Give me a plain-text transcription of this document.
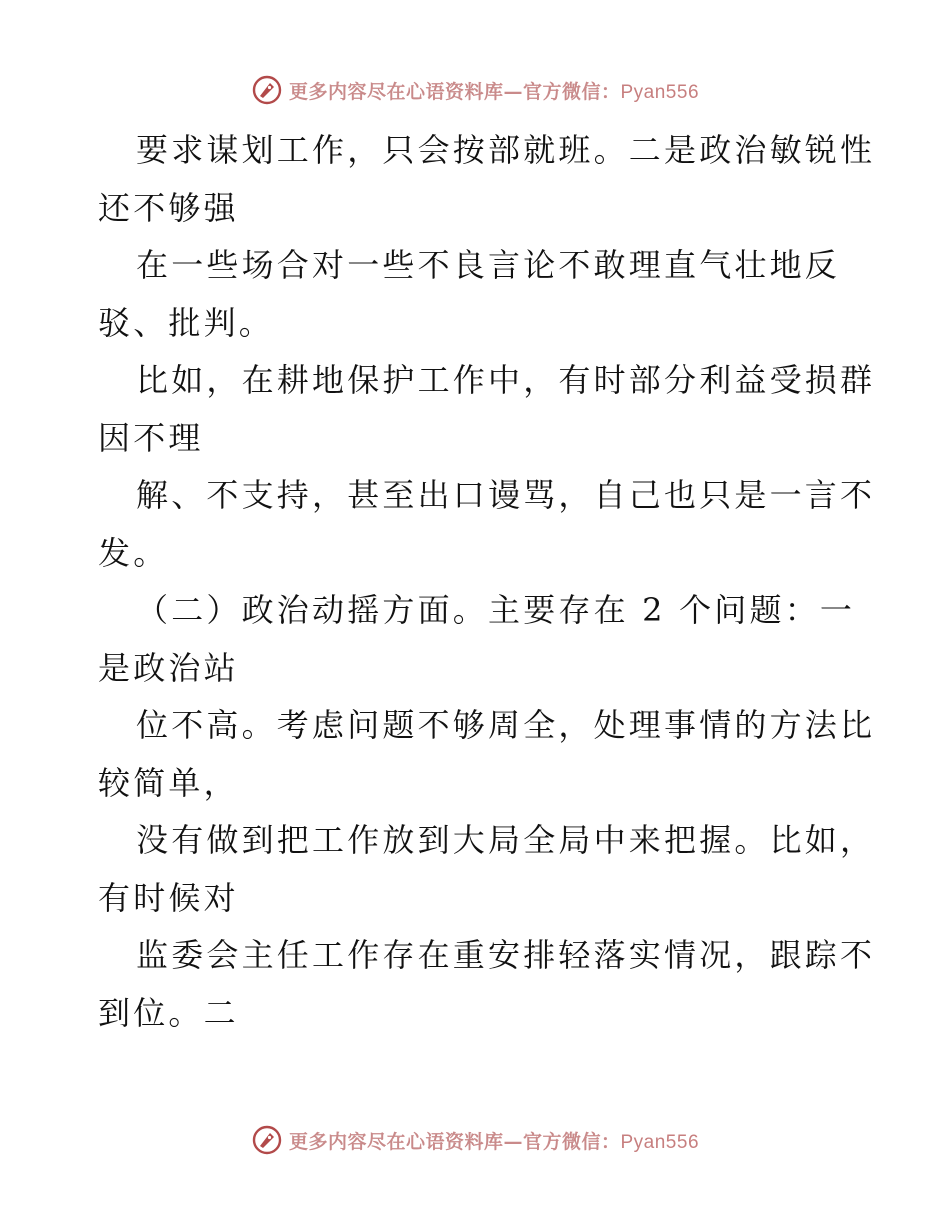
更多内容尽在心语资料库—官方微信：Pyan556
要求谋划工作，只会按部就班。二是政治敏锐性
还不够强
在一些场合对一些不良言论不敢理直气壮地反
驳、批判。
比如，在耕地保护工作中，有时部分利益受损群
因不理
解、不支持，甚至出口谩骂，自己也只是一言不
发。
（二）政治动摇方面。主要存在 2 个问题：一
是政治站
位不高。考虑问题不够周全，处理事情的方法比
较简单，
没有做到把工作放到大局全局中来把握。比如，
有时候对
监委会主任工作存在重安排轻落实情况，跟踪不
到位。二
更多内容尽在心语资料库—官方微信：Pyan556
